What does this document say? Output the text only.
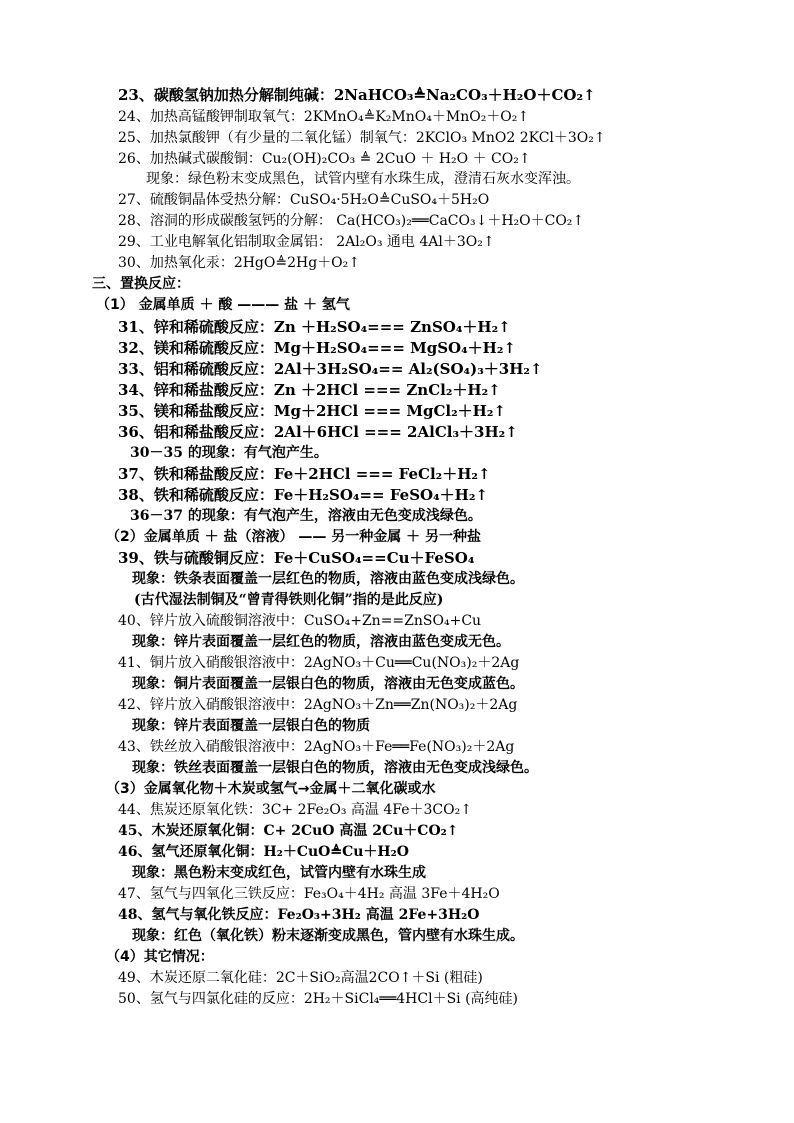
23、碳酸氢钠加热分解制纯碱：2NaHCO₃≜Na₂CO₃＋H₂O＋CO₂↑
24、加热高锰酸钾制取氧气：2KMnO₄≜K₂MnO₄＋MnO₂＋O₂↑
25、加热氯酸钾（有少量的二氧化锰）制氧气：2KClO₃ MnO2 2KCl＋3O₂↑
26、加热碱式碳酸铜：Cu₂(OH)₂CO₃ ≜ 2CuO ＋ H₂O ＋ CO₂↑
现象：绿色粉末变成黑色，试管内壁有水珠生成，澄清石灰水变浑浊。
27、硫酸铜晶体受热分解：CuSO₄·5H₂O≜CuSO₄＋5H₂O
28、溶洞的形成碳酸氢钙的分解： Ca(HCO₃)₂══CaCO₃↓＋H₂O＋CO₂↑
29、工业电解氧化铝制取金属铝： 2Al₂O₃ 通电 4Al＋3O₂↑
30、加热氧化汞：2HgO≜2Hg＋O₂↑
三、置换反应：
（1） 金属单质 ＋ 酸 ——— 盐 ＋ 氢气
31、锌和稀硫酸反应：Zn ＋H₂SO₄=== ZnSO₄＋H₂↑
32、镁和稀硫酸反应：Mg＋H₂SO₄=== MgSO₄＋H₂↑
33、铝和稀硫酸反应：2Al＋3H₂SO₄== Al₂(SO₄)₃＋3H₂↑
34、锌和稀盐酸反应：Zn ＋2HCl === ZnCl₂＋H₂↑
35、镁和稀盐酸反应：Mg＋2HCl === MgCl₂＋H₂↑
36、铝和稀盐酸反应：2Al＋6HCl === 2AlCl₃＋3H₂↑
30－35 的现象：有气泡产生。
37、铁和稀盐酸反应：Fe＋2HCl === FeCl₂＋H₂↑
38、铁和稀硫酸反应：Fe＋H₂SO₄== FeSO₄＋H₂↑
36－37 的现象：有气泡产生，溶液由无色变成浅绿色。
（2）金属单质 ＋ 盐（溶液） —— 另一种金属 ＋ 另一种盐
39、铁与硫酸铜反应：Fe＋CuSO₄==Cu＋FeSO₄
现象：铁条表面覆盖一层红色的物质，溶液由蓝色变成浅绿色。
(古代湿法制铜及“曾青得铁则化铜”指的是此反应)
40、锌片放入硫酸铜溶液中：CuSO₄+Zn==ZnSO₄+Cu
现象：锌片表面覆盖一层红色的物质，溶液由蓝色变成无色。
41、铜片放入硝酸银溶液中：2AgNO₃＋Cu══Cu(NO₃)₂＋2Ag
现象：铜片表面覆盖一层银白色的物质，溶液由无色变成蓝色。
42、锌片放入硝酸银溶液中：2AgNO₃＋Zn══Zn(NO₃)₂＋2Ag
现象：锌片表面覆盖一层银白色的物质
43、铁丝放入硝酸银溶液中：2AgNO₃＋Fe══Fe(NO₃)₂＋2Ag
现象：铁丝表面覆盖一层银白色的物质，溶液由无色变成浅绿色。
（3）金属氧化物＋木炭或氢气→金属＋二氧化碳或水
44、焦炭还原氧化铁：3C+ 2Fe₂O₃ 高温 4Fe＋3CO₂↑
45、木炭还原氧化铜：C+ 2CuO 高温 2Cu＋CO₂↑
46、氢气还原氧化铜：H₂＋CuO≜Cu＋H₂O
现象：黑色粉末变成红色，试管内壁有水珠生成
47、氢气与四氧化三铁反应：Fe₃O₄＋4H₂ 高温 3Fe＋4H₂O
48、氢气与氧化铁反应：Fe₂O₃+3H₂ 高温 2Fe+3H₂O
现象：红色（氧化铁）粉末逐渐变成黑色，管内壁有水珠生成。
（4）其它情况：
49、木炭还原二氧化硅：2C＋SiO₂高温2CO↑＋Si (粗硅)
50、氢气与四氯化硅的反应：2H₂＋SiCl₄══4HCl＋Si (高纯硅)
